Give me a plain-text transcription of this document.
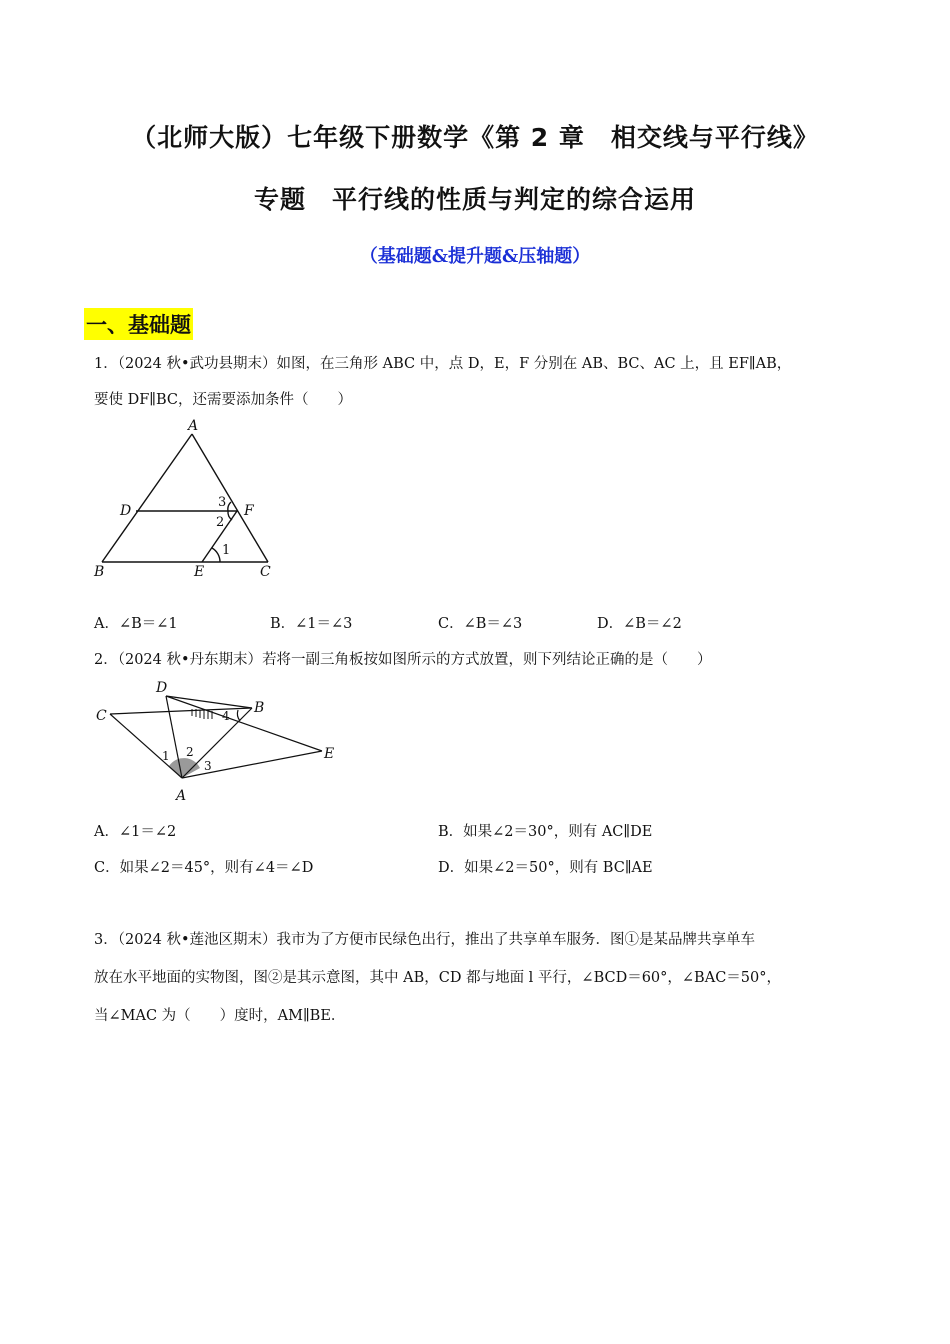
（北师大版）七年级下册数学《第 2 章　相交线与平行线》
专题　平行线的性质与判定的综合运用
（基础题&提升题&压轴题）
一、基础题
1．（2024 秋•武功县期末）如图，在三角形 ABC 中，点 D，E，F 分别在 AB、BC、AC 上，且 EF∥AB，
要使 DF∥BC，还需要添加条件（　　）
A
D	F
B	E	C
3
2
1
A．∠B＝∠1	B．∠1＝∠3	C．∠B＝∠3	D．∠B＝∠2
2．（2024 秋•丹东期末）若将一副三角板按如图所示的方式放置，则下列结论正确的是（　　）
D
B
C
E
A
4
1 2
3
A．∠1＝∠2	B．如果∠2＝30°，则有 AC∥DE
C．如果∠2＝45°，则有∠4＝∠D	D．如果∠2＝50°，则有 BC∥AE
3．（2024 秋•莲池区期末）我市为了方便市民绿色出行，推出了共享单车服务．图①是某品牌共享单车
放在水平地面的实物图，图②是其示意图，其中 AB，CD 都与地面 l 平行，∠BCD＝60°，∠BAC＝50°，
当∠MAC 为（　　）度时，AM∥BE．
